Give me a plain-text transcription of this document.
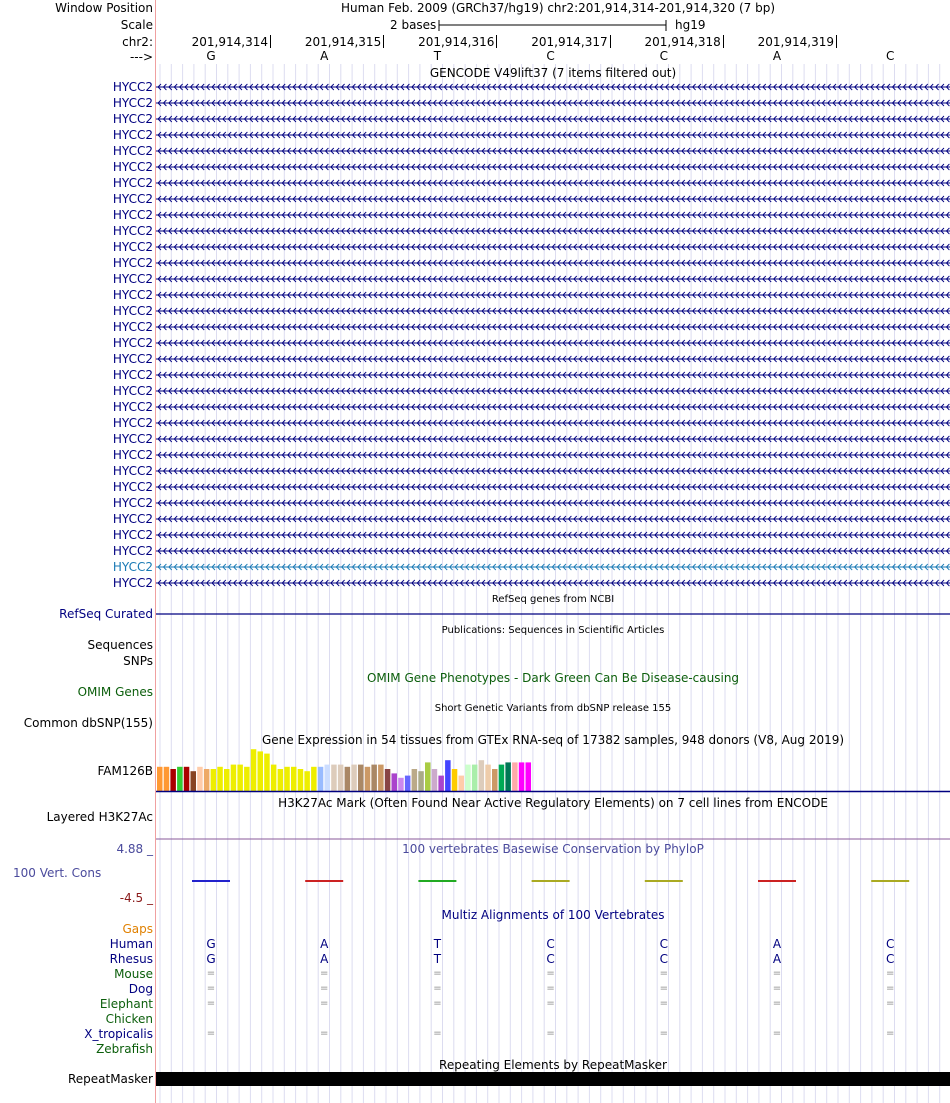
Window Position	Human Feb. 2009 (GRCh37/hg19) chr2:201,914,314-201,914,320 (7 bp)
Scale	2 bases	hg19
chr2:	201,914,314	201,914,315	201,914,316	201,914,317	201,914,318	201,914,319
--->	G	A	T	C	C	A	C
GENCODE V49lift37 (7 items filtered out)
HYCC2
HYCC2
HYCC2
HYCC2
HYCC2
HYCC2
HYCC2
HYCC2
HYCC2
HYCC2
HYCC2
HYCC2
HYCC2
HYCC2
HYCC2
HYCC2
HYCC2
HYCC2
HYCC2
HYCC2
HYCC2
HYCC2
HYCC2
HYCC2
HYCC2
HYCC2
HYCC2
HYCC2
HYCC2
HYCC2
HYCC2
HYCC2
RefSeq genes from NCBI
RefSeq Curated
Publications: Sequences in Scientific Articles
Sequences
SNPs
OMIM Gene Phenotypes - Dark Green Can Be Disease-causing
OMIM Genes
Short Genetic Variants from dbSNP release 155
Common dbSNP(155)
Gene Expression in 54 tissues from GTEx RNA-seq of 17382 samples, 948 donors (V8, Aug 2019)
FAM126B
H3K27Ac Mark (Often Found Near Active Regulatory Elements) on 7 cell lines from ENCODE
Layered H3K27Ac
100 vertebrates Basewise Conservation by PhyloP
4.88 _
100 Vert. Cons
-4.5 _
Multiz Alignments of 100 Vertebrates
Gaps
Human	G	A	T	C	C	A	C
Rhesus	G	A	T	C	C	A	C
Mouse	=	=	=	=	=	=	=
Dog	=	=	=	=	=	=	=
Elephant	=	=	=	=	=	=	=
Chicken
X_tropicalis	=	=	=	=	=	=	=
Zebrafish
Repeating Elements by RepeatMasker
RepeatMasker
